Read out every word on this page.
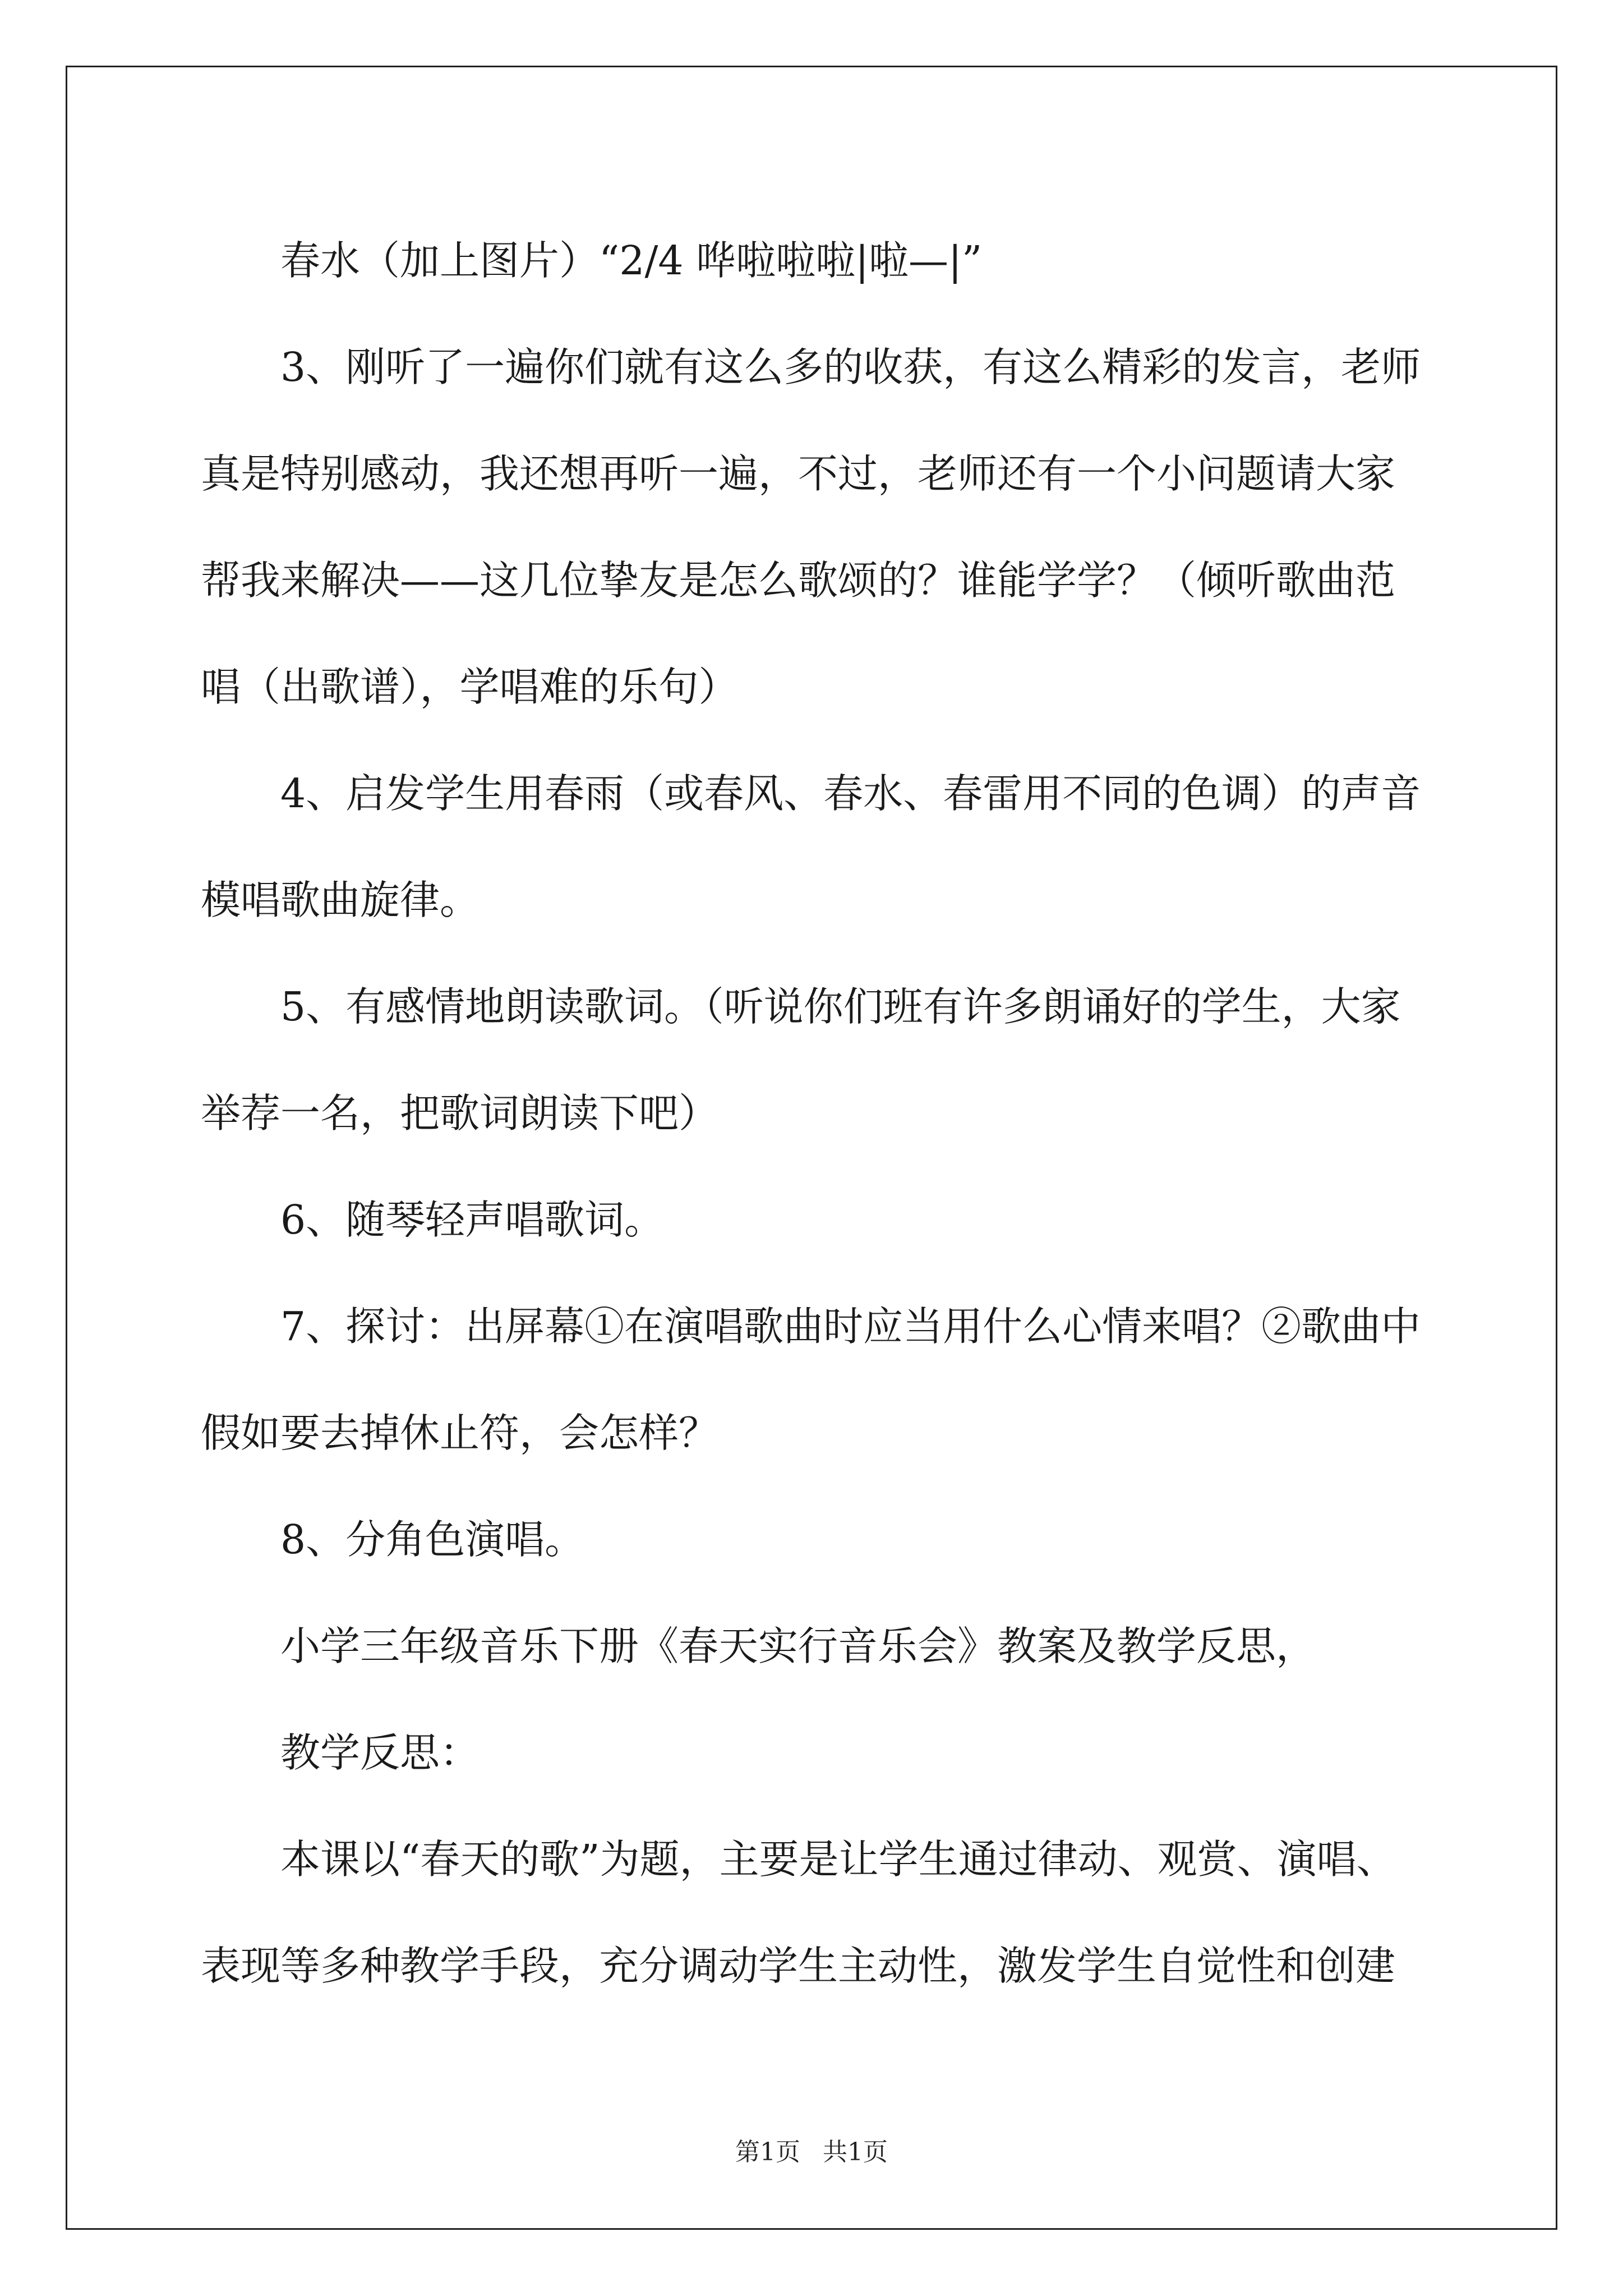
春水（加上图片）“2/4 哗啦啦啦|啦—|”

3、刚听了一遍你们就有这么多的收获，有这么精彩的发言，老师

真是特别感动，我还想再听一遍，不过，老师还有一个小问题请大家

帮我来解决——这几位挚友是怎么歌颂的？谁能学学？（倾听歌曲范

唱（出歌谱），学唱难的乐句）

4、启发学生用春雨（或春风、春水、春雷用不同的色调）的声音

模唱歌曲旋律。

5、有感情地朗读歌词。（听说你们班有许多朗诵好的学生，大家

举荐一名，把歌词朗读下吧）

6、随琴轻声唱歌词。

7、探讨：出屏幕①在演唱歌曲时应当用什么心情来唱？②歌曲中

假如要去掉休止符，会怎样？

8、分角色演唱。

小学三年级音乐下册《春天实行音乐会》教案及教学反思，

教学反思：

本课以“春天的歌”为题，主要是让学生通过律动、观赏、演唱、

表现等多种教学手段，充分调动学生主动性，激发学生自觉性和创建

第1页 共1页
